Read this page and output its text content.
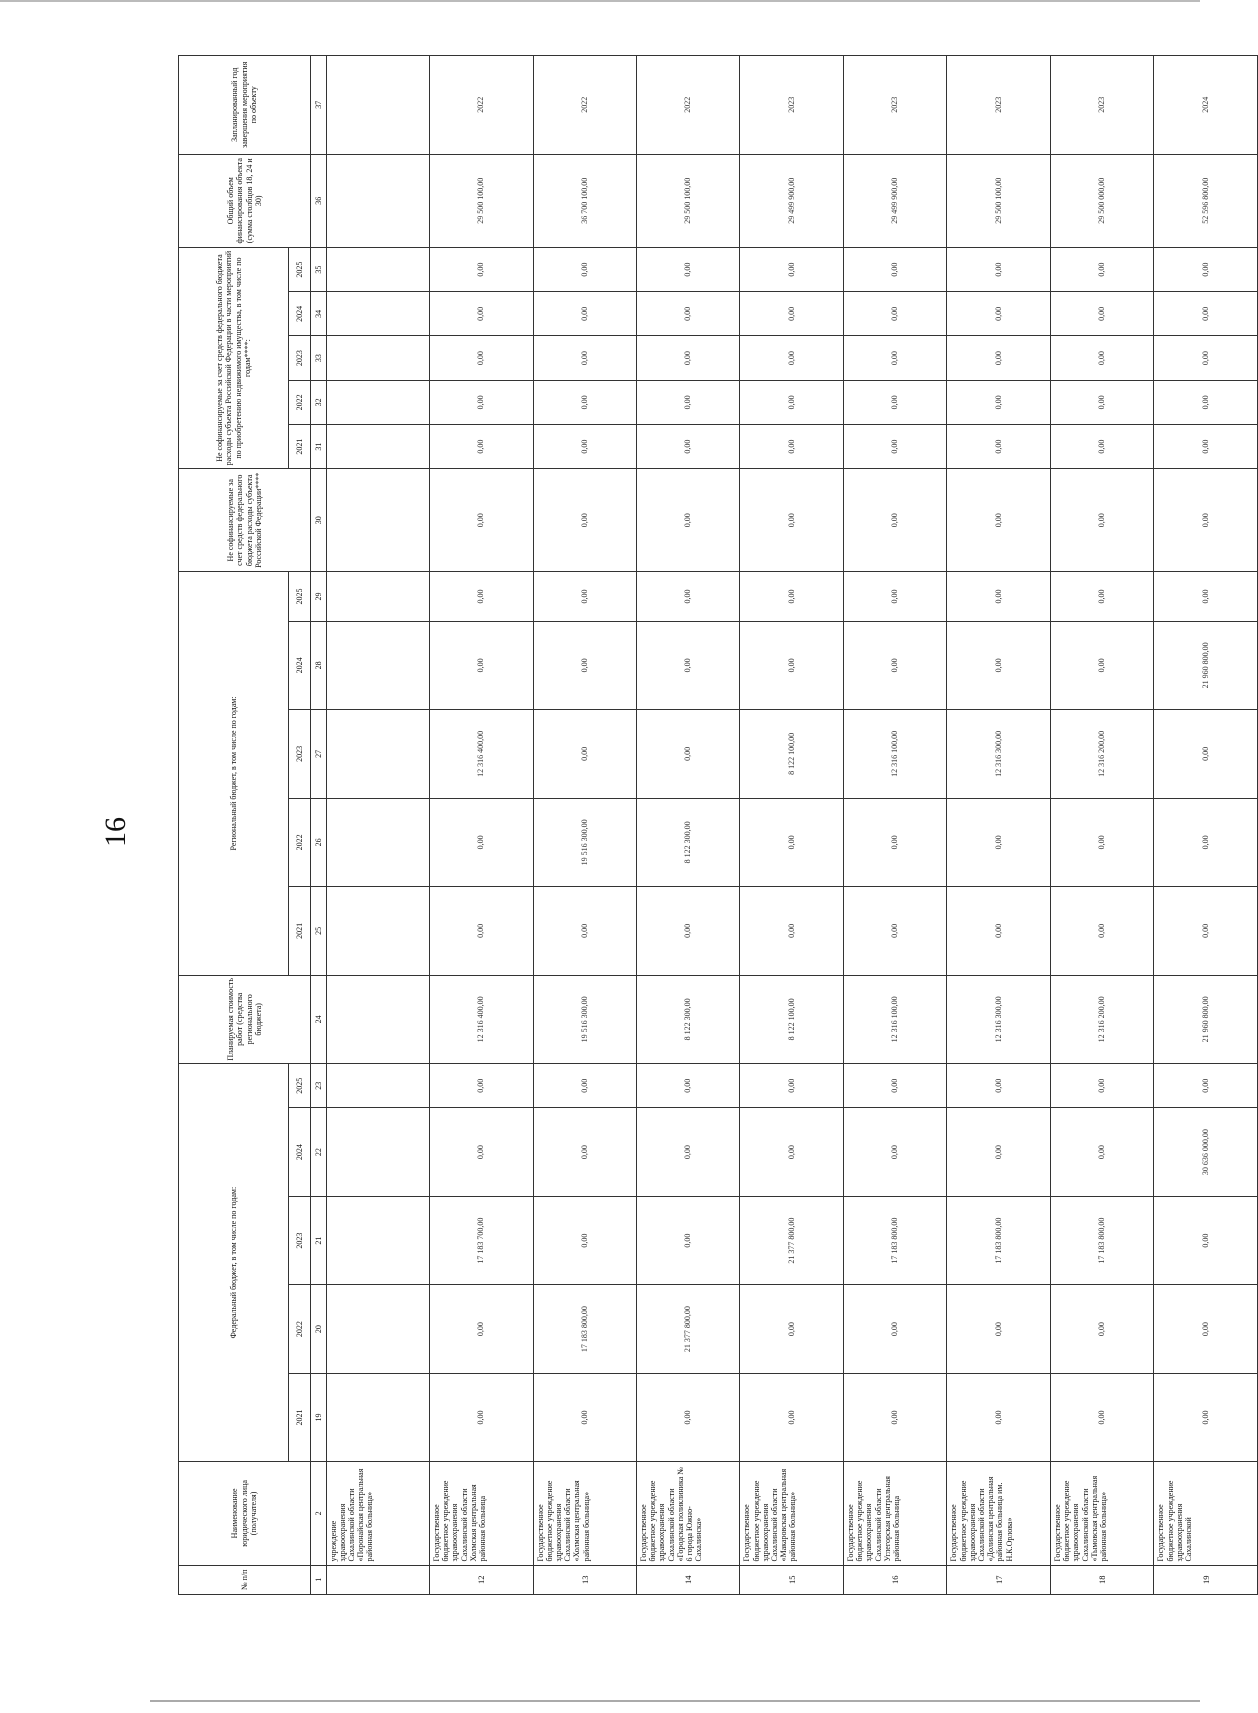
16
№ п/п	Наименование юридического лица (получателя)	Федеральный бюджет, в том числе по годам:					Планируемая стоимость работ (средства регионального бюджета)	Региональный бюджет, в том числе по годам:					Не софинансируемые за счет средств федерального бюджета расходы субъекта Российской Федерации****	Не софинансируемые за счет средств федерального бюджета расходы субъекта Российской Федерации в части мероприятий по приобретению недвижимого имущества, в том числе по годам****:					Общий объем финансирования объекта (сумма столбцов 18, 24 и 30)	Запланированный год завершения мероприятия по объекту
		2021	2022	2023	2024	2025		2021	2022	2023	2024	2025		2021	2022	2023	2024	2025		
1	2	19	20	21	22	23	24	25	26	27	28	29	30	31	32	33	34	35	36	37
	учреждение здравоохранения Сахалинской области «Поронайская центральная районная больница»																			
12	Государственное бюджетное учреждение здравоохранения Сахалинской области Холмская центральная районная больница	0,00	0,00	17 183 700,00	0,00	0,00	12 316 400,00	0,00	0,00	12 316 400,00	0,00	0,00	0,00	0,00	0,00	0,00	0,00	0,00	29 500 100,00	2022
13	Государственное бюджетное учреждение здравоохранения Сахалинской области «Холмская центральная районная больница»	0,00	17 183 800,00	0,00	0,00	0,00	19 516 300,00	0,00	19 516 300,00	0,00	0,00	0,00	0,00	0,00	0,00	0,00	0,00	0,00	36 700 100,00	2022
14	Государственное бюджетное учреждение здравоохранения Сахалинской области «Городская поликлиника № 6 города Южно-Сахалинска»	0,00	21 377 800,00	0,00	0,00	0,00	8 122 300,00	0,00	8 122 300,00	0,00	0,00	0,00	0,00	0,00	0,00	0,00	0,00	0,00	29 500 100,00	2022
15	Государственное бюджетное учреждение здравоохранения Сахалинской области «Макаровская центральная районная больница»	0,00	0,00	21 377 800,00	0,00	0,00	8 122 100,00	0,00	0,00	8 122 100,00	0,00	0,00	0,00	0,00	0,00	0,00	0,00	0,00	29 499 900,00	2023
16	Государственное бюджетное учреждение здравоохранения Сахалинской области Углегорская центральная районная больница	0,00	0,00	17 183 800,00	0,00	0,00	12 316 100,00	0,00	0,00	12 316 100,00	0,00	0,00	0,00	0,00	0,00	0,00	0,00	0,00	29 499 900,00	2023
17	Государственное бюджетное учреждение здравоохранения Сахалинской области «Долинская центральная районная больница им. Н.К.Орлова»	0,00	0,00	17 183 800,00	0,00	0,00	12 316 300,00	0,00	0,00	12 316 300,00	0,00	0,00	0,00	0,00	0,00	0,00	0,00	0,00	29 500 100,00	2023
18	Государственное бюджетное учреждение здравоохранения Сахалинской области «Тымовская центральная районная больница»	0,00	0,00	17 183 800,00	0,00	0,00	12 316 200,00	0,00	0,00	12 316 200,00	0,00	0,00	0,00	0,00	0,00	0,00	0,00	0,00	29 500 000,00	2023
19	Государственное бюджетное учреждение здравоохранения Сахалинской	0,00	0,00	0,00	30 636 000,00	0,00	21 960 800,00	0,00	0,00	0,00	21 960 800,00	0,00	0,00	0,00	0,00	0,00	0,00	0,00	52 596 800,00	2024
